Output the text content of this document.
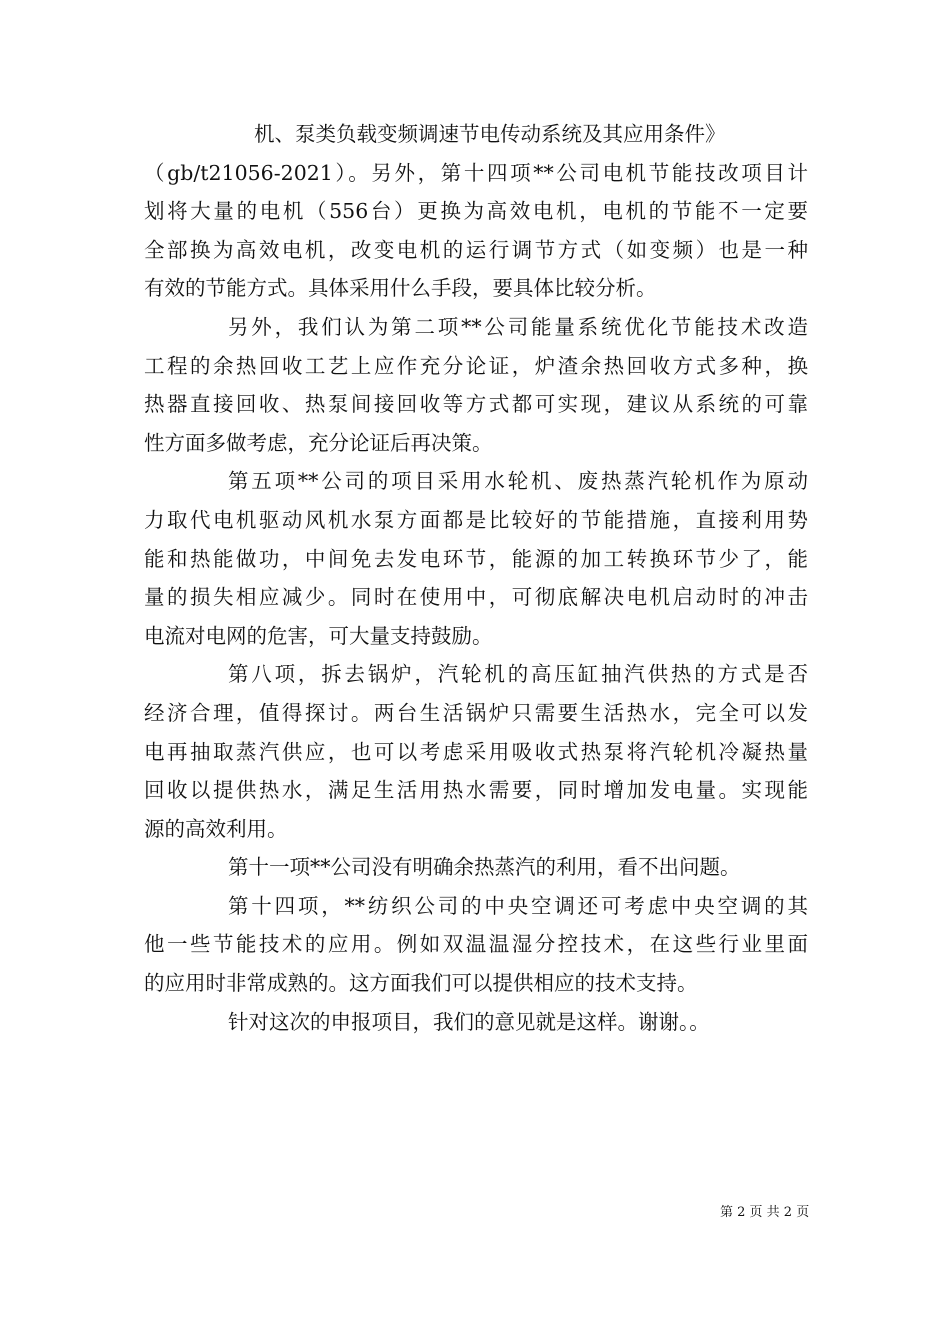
机、泵类负载变频调速节电传动系统及其应用条件》
（gb/t21056-2021）。另外，第十四项**公司电机节能技改项目计
划将大量的电机（556台）更换为高效电机，电机的节能不一定要
全部换为高效电机，改变电机的运行调节方式（如变频）也是一种
有效的节能方式。具体采用什么手段，要具体比较分析。
另外，我们认为第二项**公司能量系统优化节能技术改造
工程的余热回收工艺上应作充分论证，炉渣余热回收方式多种，换
热器直接回收、热泵间接回收等方式都可实现，建议从系统的可靠
性方面多做考虑，充分论证后再决策。
第五项**公司的项目采用水轮机、废热蒸汽轮机作为原动
力取代电机驱动风机水泵方面都是比较好的节能措施，直接利用势
能和热能做功，中间免去发电环节，能源的加工转换环节少了，能
量的损失相应减少。同时在使用中，可彻底解决电机启动时的冲击
电流对电网的危害，可大量支持鼓励。
第八项，拆去锅炉，汽轮机的高压缸抽汽供热的方式是否
经济合理，值得探讨。两台生活锅炉只需要生活热水，完全可以发
电再抽取蒸汽供应，也可以考虑采用吸收式热泵将汽轮机冷凝热量
回收以提供热水，满足生活用热水需要，同时增加发电量。实现能
源的高效利用。
第十一项**公司没有明确余热蒸汽的利用，看不出问题。
第十四项，**纺织公司的中央空调还可考虑中央空调的其
他一些节能技术的应用。例如双温温湿分控技术，在这些行业里面
的应用时非常成熟的。这方面我们可以提供相应的技术支持。
针对这次的申报项目，我们的意见就是这样。谢谢。。
第 2 页 共 2 页
